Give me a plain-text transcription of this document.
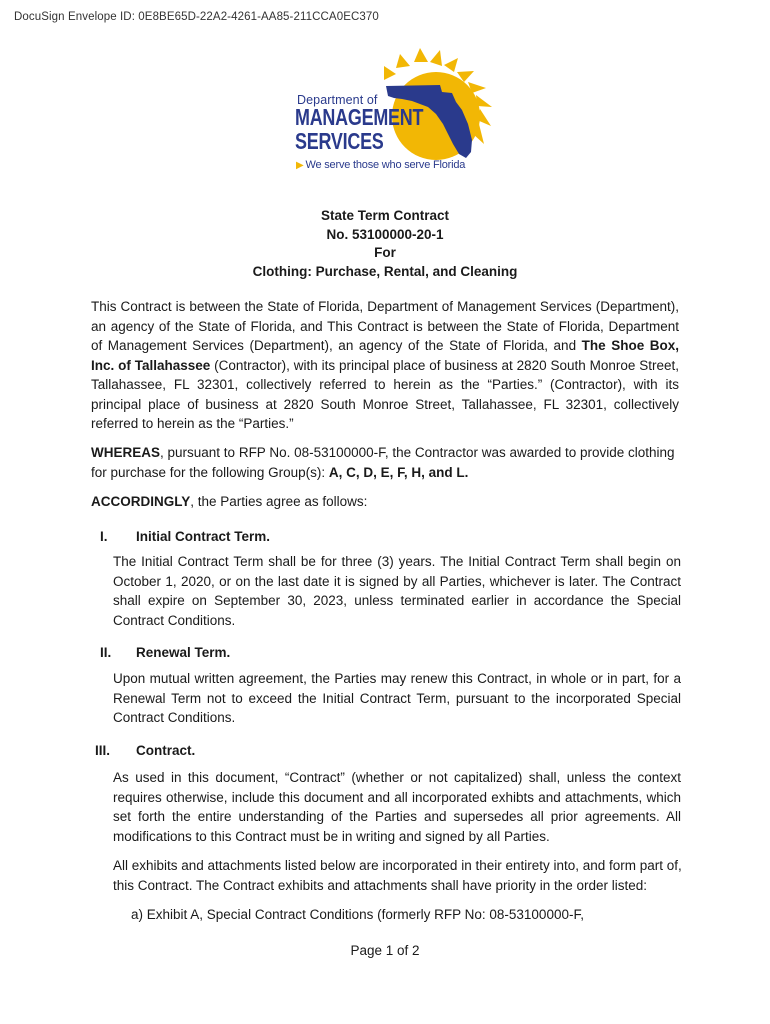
DocuSign Envelope ID: 0E8BE65D-22A2-4261-AA85-211CCA0EC370
Department of
MANAGEMENT
SERVICES
▶ We serve those who serve Florida
State Term Contract
No. 53100000-20-1
For
Clothing: Purchase, Rental, and Cleaning

This Contract is between the State of Florida, Department of Management Services (Department), an agency of the State of Florida, and This Contract is between the State of Florida, Department of Management Services (Department), an agency of the State of Florida, and The Shoe Box, Inc. of Tallahassee (Contractor), with its principal place of business at 2820 South Monroe Street, Tallahassee, FL 32301, collectively referred to herein as the “Parties.” (Contractor), with its principal place of business at 2820 South Monroe Street, Tallahassee, FL 32301, collectively referred to herein as the “Parties.”

WHEREAS, pursuant to RFP No. 08-53100000-F, the Contractor was awarded to provide clothing for purchase for the following Group(s): A, C, D, E, F, H, and L.

ACCORDINGLY, the Parties agree as follows:

I. Initial Contract Term.

The Initial Contract Term shall be for three (3) years. The Initial Contract Term shall begin on October 1, 2020, or on the last date it is signed by all Parties, whichever is later. The Contract shall expire on September 30, 2023, unless terminated earlier in accordance the Special Contract Conditions.

II. Renewal Term.

Upon mutual written agreement, the Parties may renew this Contract, in whole or in part, for a Renewal Term not to exceed the Initial Contract Term, pursuant to the incorporated Special Contract Conditions.

III. Contract.

As used in this document, “Contract” (whether or not capitalized) shall, unless the context requires otherwise, include this document and all incorporated exhibts and attachments, which set forth the entire understanding of the Parties and supersedes all prior agreements. All modifications to this Contract must be in writing and signed by all Parties.

All exhibits and attachments listed below are incorporated in their entirety into, and form part of, this Contract. The Contract exhibits and attachments shall have priority in the order listed:

a) Exhibit A, Special Contract Conditions (formerly RFP No: 08-53100000-F,

Page 1 of 2
